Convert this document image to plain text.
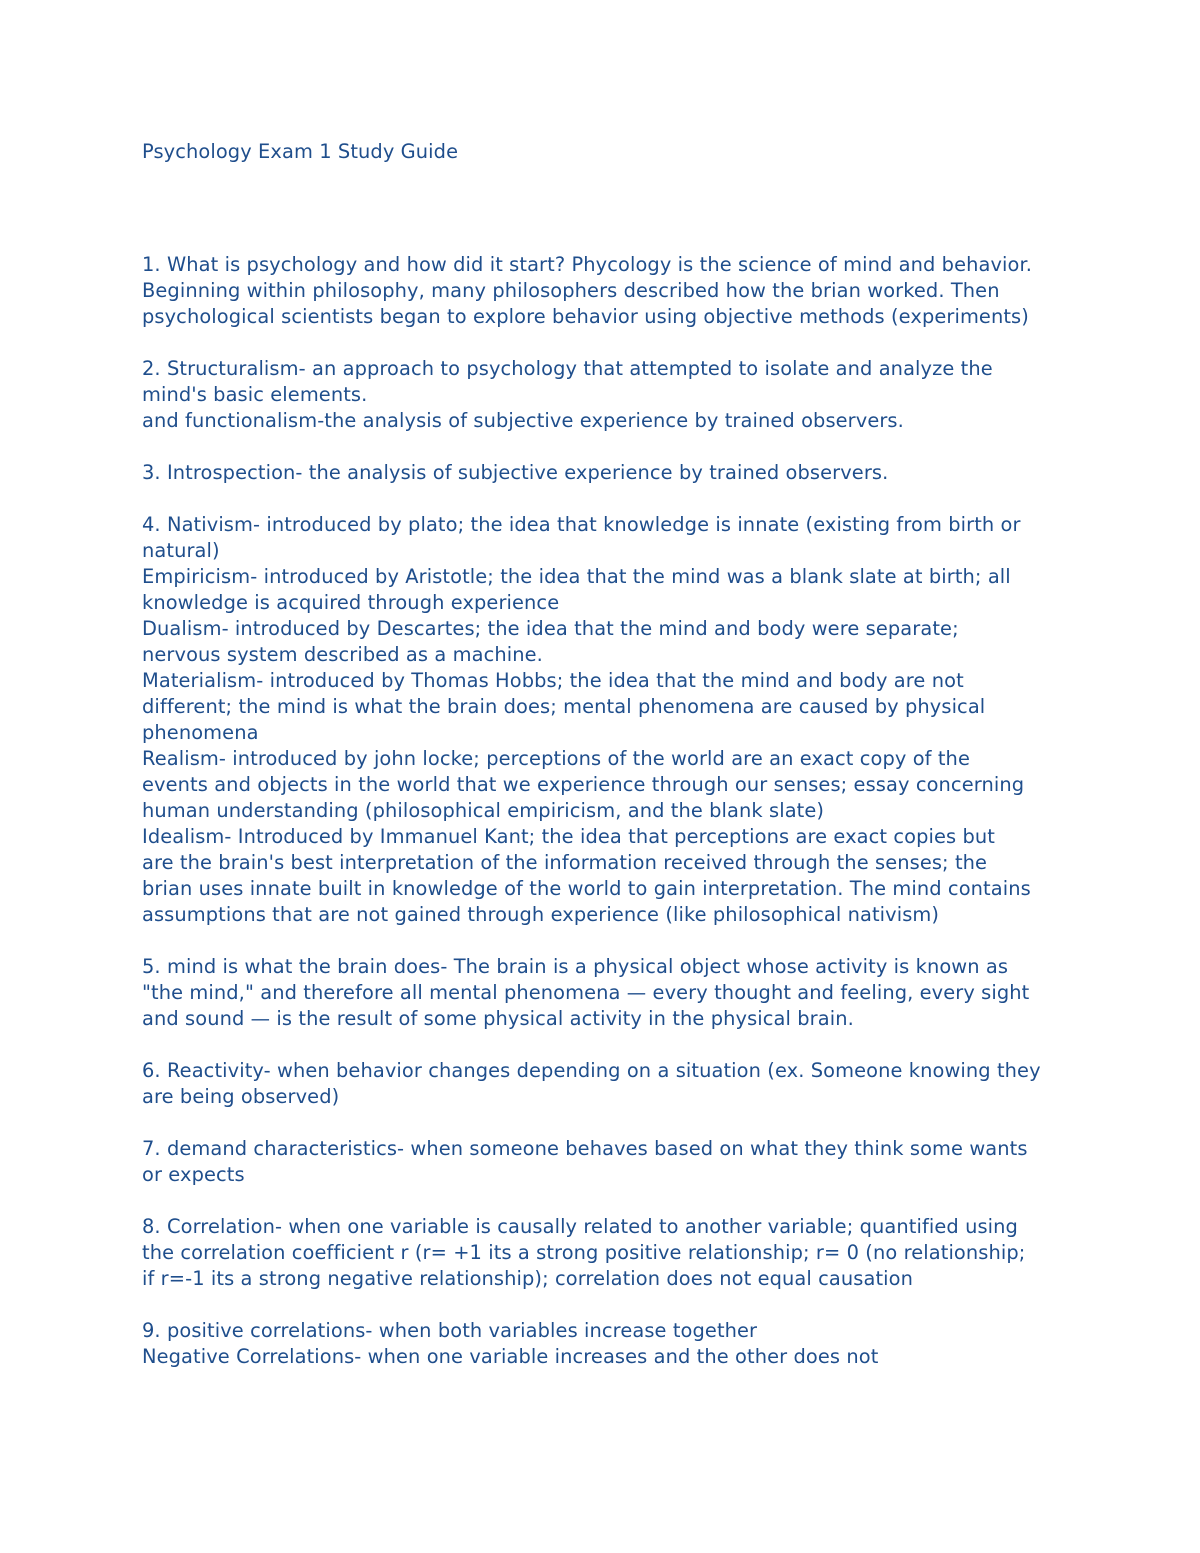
Psychology Exam 1 Study Guide
1. What is psychology and how did it start? Phycology is the science of mind and behavior.
Beginning within philosophy, many philosophers described how the brian worked. Then
psychological scientists began to explore behavior using objective methods (experiments)
2. Structuralism- an approach to psychology that attempted to isolate and analyze the
mind's basic elements.
and functionalism-the analysis of subjective experience by trained observers.
3. Introspection- the analysis of subjective experience by trained observers.
4. Nativism- introduced by plato; the idea that knowledge is innate (existing from birth or
natural)
Empiricism- introduced by Aristotle; the idea that the mind was a blank slate at birth; all
knowledge is acquired through experience
Dualism- introduced by Descartes; the idea that the mind and body were separate;
nervous system described as a machine.
Materialism- introduced by Thomas Hobbs; the idea that the mind and body are not
different; the mind is what the brain does; mental phenomena are caused by physical
phenomena
Realism- introduced by john locke; perceptions of the world are an exact copy of the
events and objects in the world that we experience through our senses; essay concerning
human understanding (philosophical empiricism, and the blank slate)
Idealism- Introduced by Immanuel Kant; the idea that perceptions are exact copies but
are the brain's best interpretation of the information received through the senses; the
brian uses innate built in knowledge of the world to gain interpretation. The mind contains
assumptions that are not gained through experience (like philosophical nativism)
5. mind is what the brain does- The brain is a physical object whose activity is known as
"the mind," and therefore all mental phenomena — every thought and feeling, every sight
and sound — is the result of some physical activity in the physical brain.
6. Reactivity- when behavior changes depending on a situation (ex. Someone knowing they
are being observed)
7. demand characteristics- when someone behaves based on what they think some wants
or expects
8. Correlation- when one variable is causally related to another variable; quantified using
the correlation coefficient r (r= +1 its a strong positive relationship; r= 0 (no relationship;
if r=-1 its a strong negative relationship); correlation does not equal causation
9. positive correlations- when both variables increase together
Negative Correlations- when one variable increases and the other does not
